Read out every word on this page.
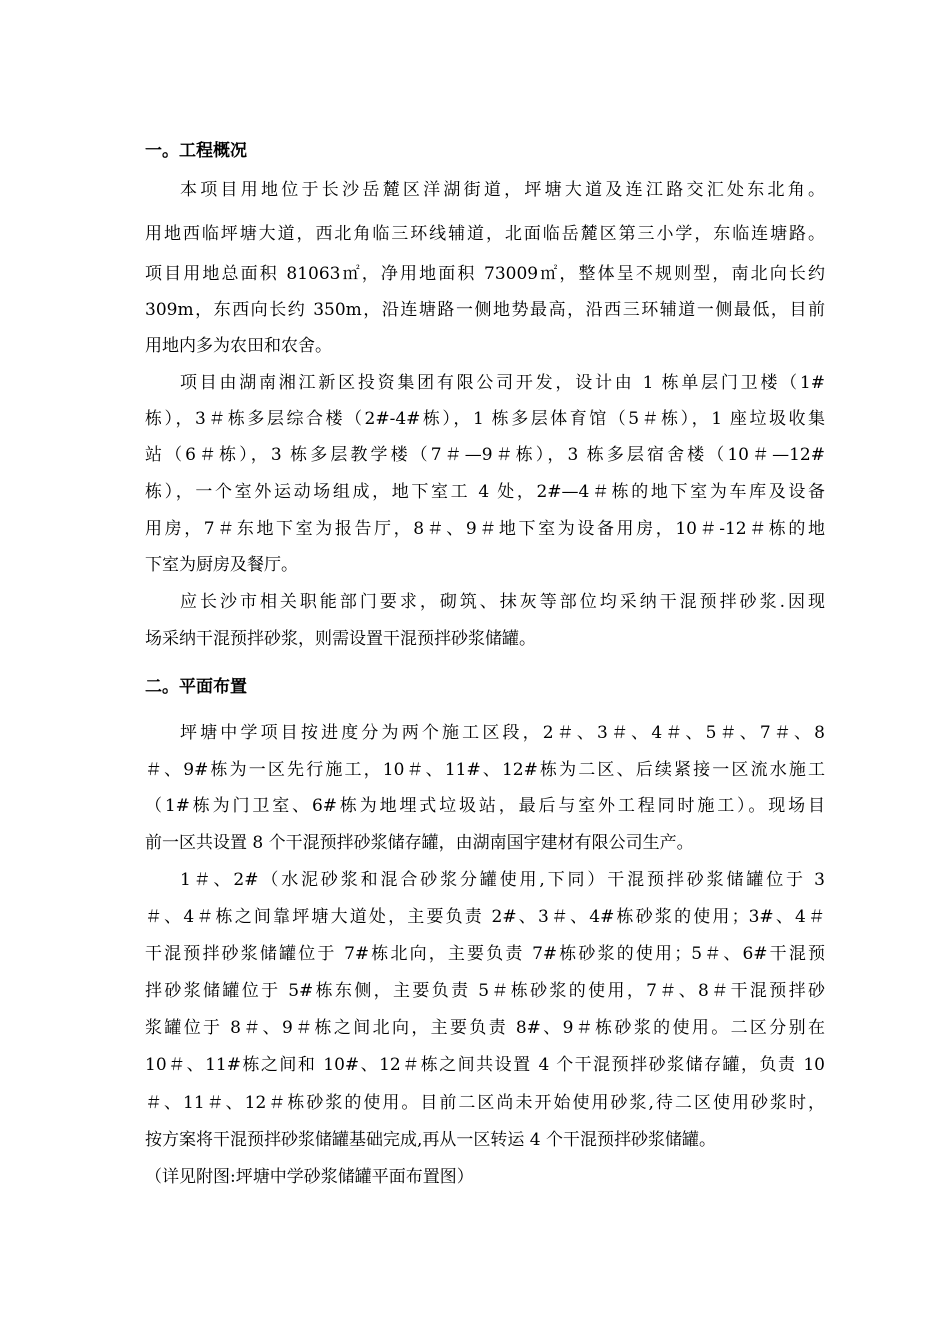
一。工程概况
本项目用地位于长沙岳麓区洋湖街道，坪塘大道及连江路交汇处东北角。
用地西临坪塘大道，西北角临三环线辅道，北面临岳麓区第三小学，东临连塘路。
项目用地总面积 81063㎡，净用地面积 73009㎡，整体呈不规则型，南北向长约
309m，东西向长约 350m，沿连塘路一侧地势最高，沿西三环辅道一侧最低，目前
用地内多为农田和农舍。
项目由湖南湘江新区投资集团有限公司开发，设计由 1 栋单层门卫楼（1#
栋），3＃栋多层综合楼（2#-4#栋），1 栋多层体育馆（5＃栋），1 座垃圾收集
站（6＃栋），3 栋多层教学楼（7＃—9＃栋），3 栋多层宿舍楼（10＃—12#
栋），一个室外运动场组成，地下室工 4 处，2#—4＃栋的地下室为车库及设备
用房，7＃东地下室为报告厅，8＃、9＃地下室为设备用房，10＃-12＃栋的地
下室为厨房及餐厅。
应长沙市相关职能部门要求，砌筑、抹灰等部位均采纳干混预拌砂浆.因现
场采纳干混预拌砂浆，则需设置干混预拌砂浆储罐。
二。平面布置
坪塘中学项目按进度分为两个施工区段，2＃、3＃、4＃、5＃、7＃、8
＃、9#栋为一区先行施工，10＃、11#、12#栋为二区、后续紧接一区流水施工
（1#栋为门卫室、6#栋为地埋式垃圾站，最后与室外工程同时施工）。现场目
前一区共设置 8 个干混预拌砂浆储存罐，由湖南国宇建材有限公司生产。
1＃、2#（水泥砂浆和混合砂浆分罐使用,下同）干混预拌砂浆储罐位于 3
＃、4＃栋之间靠坪塘大道处，主要负责 2#、3＃、4#栋砂浆的使用；3#、4＃
干混预拌砂浆储罐位于 7#栋北向，主要负责 7#栋砂浆的使用；5＃、6#干混预
拌砂浆储罐位于 5#栋东侧，主要负责 5＃栋砂浆的使用，7＃、8＃干混预拌砂
浆罐位于 8＃、9＃栋之间北向，主要负责 8#、9＃栋砂浆的使用。二区分别在
10＃、11#栋之间和 10#、12＃栋之间共设置 4 个干混预拌砂浆储存罐，负责 10
＃、11＃、12＃栋砂浆的使用。目前二区尚未开始使用砂浆,待二区使用砂浆时，
按方案将干混预拌砂浆储罐基础完成,再从一区转运 4 个干混预拌砂浆储罐。
（详见附图:坪塘中学砂浆储罐平面布置图）
